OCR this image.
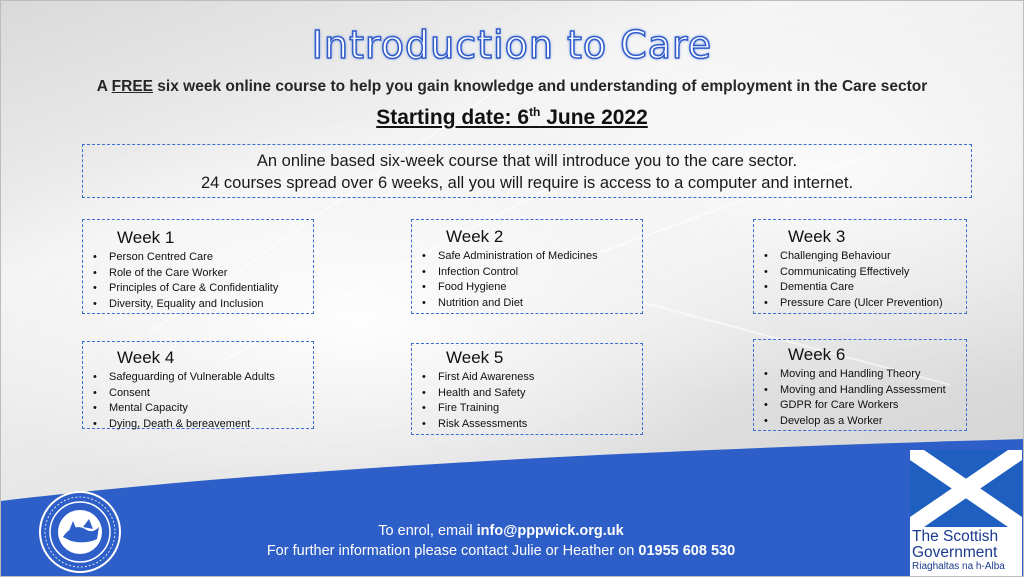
Introduction to Care
A FREE six week online course to help you gain knowledge and understanding of employment in the Care sector
Starting date: 6th June 2022
An online based six-week course that will introduce you to the care sector.
24 courses spread over 6 weeks, all you will require is access to a computer and internet.
Week 1
• Person Centred Care
• Role of the Care Worker
• Principles of Care & Confidentiality
• Diversity, Equality and Inclusion
Week 2
• Safe Administration of Medicines
• Infection Control
• Food Hygiene
• Nutrition and Diet
Week 3
• Challenging Behaviour
• Communicating Effectively
• Dementia Care
• Pressure Care (Ulcer Prevention)
Week 4
• Safeguarding of Vulnerable Adults
• Consent
• Mental Capacity
• Dying, Death & bereavement
Week 5
• First Aid Awareness
• Health and Safety
• Fire Training
• Risk Assessments
Week 6
• Moving and Handling Theory
• Moving and Handling Assessment
• GDPR for Care Workers
• Develop as a Worker
To enrol, email info@pppwick.org.uk
For further information please contact Julie or Heather on 01955 608 530
The Scottish
Government
Riaghaltas na h-Alba
